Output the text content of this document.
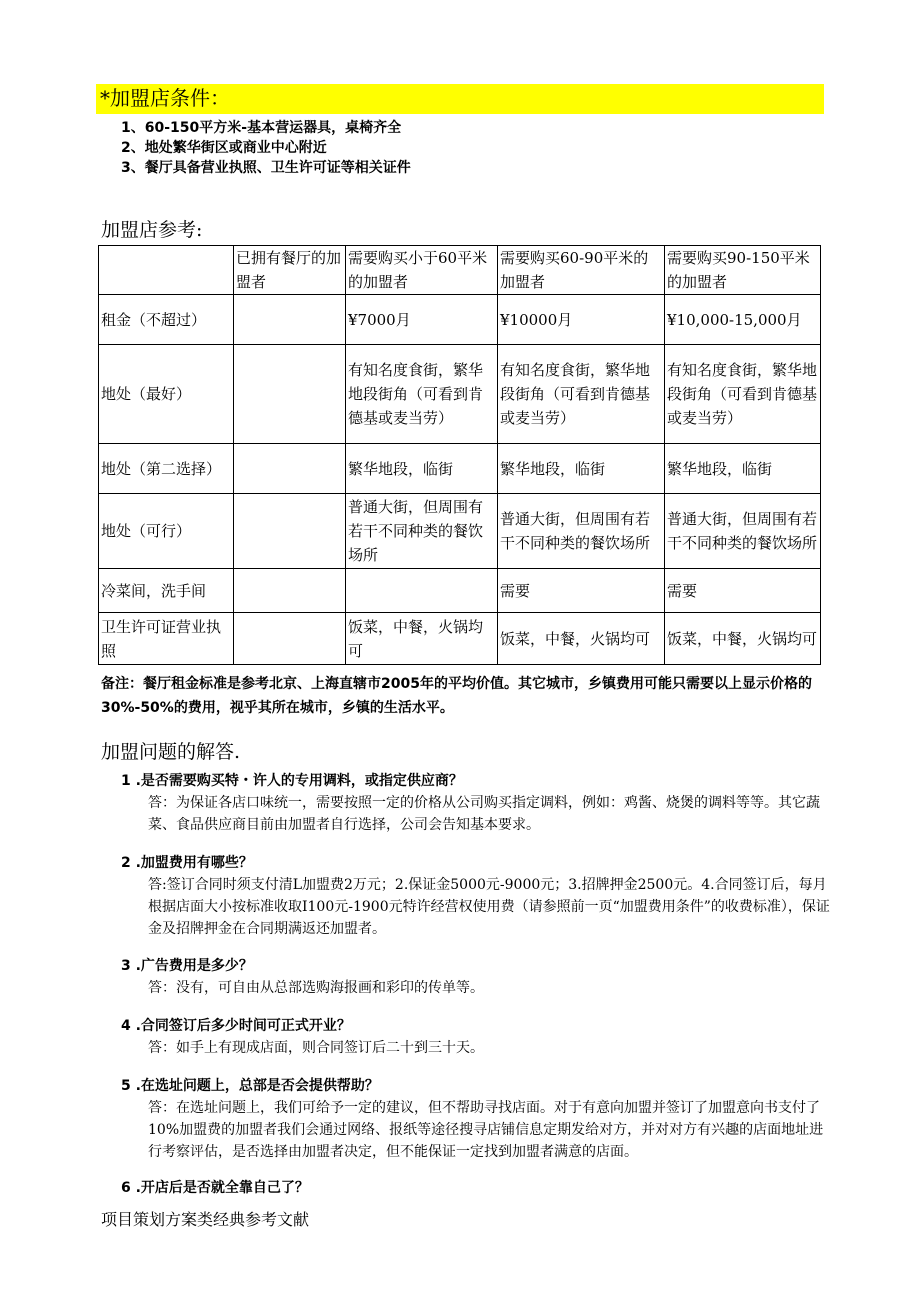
*加盟店条件：
1、60-150平方米-基本营运器具，桌椅齐全
2、地处繁华街区或商业中心附近
3、餐厅具备营业执照、卫生许可证等相关证件
加盟店参考:
	已拥有餐厅的加盟者	需要购买小于60平米的加盟者	需要购买60-90平米的加盟者	需要购买90-150平米的加盟者
租金（不超过）		¥7000月	¥10000月	¥10,000-15,000月
地处（最好）		有知名度食街，繁华地段街角（可看到肯德基或麦当劳）	有知名度食街，繁华地段街角（可看到肯德基或麦当劳）	有知名度食街，繁华地段街角（可看到肯德基或麦当劳）
地处（第二选择）		繁华地段，临街	繁华地段，临街	繁华地段，临街
地处（可行）		普通大街，但周围有若干不同种类的餐饮场所	普通大街，但周围有若干不同种类的餐饮场所	普通大街，但周围有若干不同种类的餐饮场所
冷菜间，洗手间			需要	需要
卫生许可证营业执照		饭菜，中餐，火锅均可	饭菜，中餐，火锅均可	饭菜，中餐，火锅均可
备注：餐厅租金标准是参考北京、上海直辖市2005年的平均价值。其它城市，乡镇费用可能只需要以上显示价格的30%-50%的费用，视乎其所在城市，乡镇的生活水平。
加盟问题的解答.
1 .是否需要购买特・许人的专用调料，或指定供应商？
答：为保证各店口味统一，需要按照一定的价格从公司购买指定调料，例如：鸡酱、烧煲的调料等等。其它蔬菜、食品供应商目前由加盟者自行选择，公司会告知基本要求。
2 .加盟费用有哪些？
答:签订合同时须支付清L加盟费2万元；2.保证金5000元-9000元；3.招牌押金2500元。4.合同签订后，每月根据店面大小按标准收取I100元-1900元特许经营权使用费（请参照前一页“加盟费用条件”的收费标准），保证金及招牌押金在合同期满返还加盟者。
3 .广告费用是多少？
答：没有，可自由从总部选购海报画和彩印的传单等。
4 .合同签订后多少时间可正式开业？
答：如手上有现成店面，则合同签订后二十到三十天。
5 .在选址问题上，总部是否会提供帮助？
答：在选址问题上，我们可给予一定的建议，但不帮助寻找店面。对于有意向加盟并签订了加盟意向书支付了10%加盟费的加盟者我们会通过网络、报纸等途径搜寻店铺信息定期发给对方，并对对方有兴趣的店面地址进行考察评估，是否选择由加盟者决定，但不能保证一定找到加盟者满意的店面。
6 .开店后是否就全靠自己了？
项目策划方案类经典参考文献
